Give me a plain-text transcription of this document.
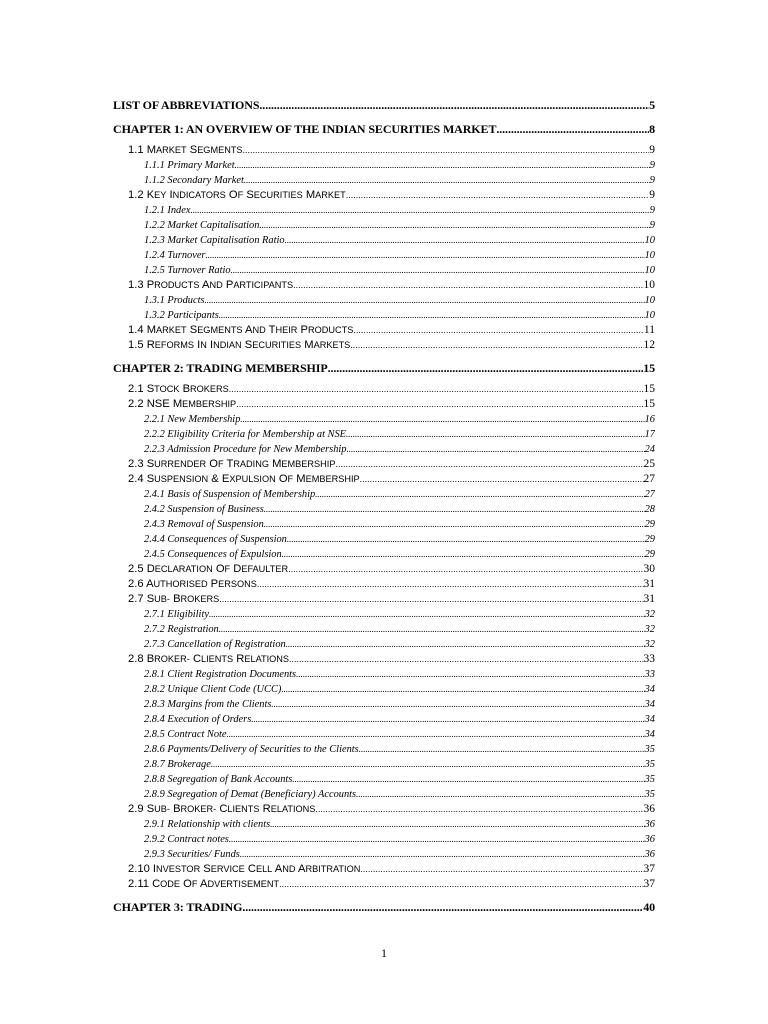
LIST OF ABBREVIATIONS .....	5
CHAPTER 1: AN OVERVIEW OF THE INDIAN SECURITIES MARKET .....	8
1.1 MARKET SEGMENTS .....	9
1.1.1 Primary Market .....	9
1.1.2 Secondary Market .....	9
1.2 KEY INDICATORS OF SECURITIES MARKET .....	9
1.2.1 Index .....	9
1.2.2 Market Capitalisation .....	9
1.2.3 Market Capitalisation Ratio .....	10
1.2.4 Turnover .....	10
1.2.5 Turnover Ratio .....	10
1.3 PRODUCTS AND PARTICIPANTS .....	10
1.3.1 Products .....	10
1.3.2 Participants .....	10
1.4 MARKET SEGMENTS AND THEIR PRODUCTS .....	11
1.5 REFORMS IN INDIAN SECURITIES MARKETS .....	12
CHAPTER 2: TRADING MEMBERSHIP .....	15
2.1 STOCK BROKERS .....	15
2.2 NSE MEMBERSHIP .....	15
2.2.1 New Membership .....	16
2.2.2 Eligibility Criteria for Membership at NSE .....	17
2.2.3 Admission Procedure for New Membership .....	24
2.3 SURRENDER OF TRADING MEMBERSHIP .....	25
2.4 SUSPENSION & EXPULSION OF MEMBERSHIP .....	27
2.4.1 Basis of Suspension of Membership .....	27
2.4.2 Suspension of Business .....	28
2.4.3 Removal of Suspension .....	29
2.4.4 Consequences of Suspension .....	29
2.4.5 Consequences of Expulsion .....	29
2.5 DECLARATION OF DEFAULTER .....	30
2.6 AUTHORISED PERSONS .....	31
2.7 SUB- BROKERS .....	31
2.7.1 Eligibility .....	32
2.7.2 Registration .....	32
2.7.3 Cancellation of Registration .....	32
2.8 BROKER- CLIENTS RELATIONS .....	33
2.8.1 Client Registration Documents .....	33
2.8.2 Unique Client Code (UCC) .....	34
2.8.3 Margins from the Clients .....	34
2.8.4 Execution of Orders .....	34
2.8.5 Contract Note .....	34
2.8.6 Payments/Delivery of Securities to the Clients .....	35
2.8.7 Brokerage .....	35
2.8.8 Segregation of Bank Accounts .....	35
2.8.9 Segregation of Demat (Beneficiary) Accounts .....	35
2.9 SUB- BROKER- CLIENTS RELATIONS .....	36
2.9.1 Relationship with clients .....	36
2.9.2 Contract notes .....	36
2.9.3 Securities/ Funds .....	36
2.10 INVESTOR SERVICE CELL AND ARBITRATION .....	37
2.11 CODE OF ADVERTISEMENT .....	37
CHAPTER 3: TRADING .....	40
1
